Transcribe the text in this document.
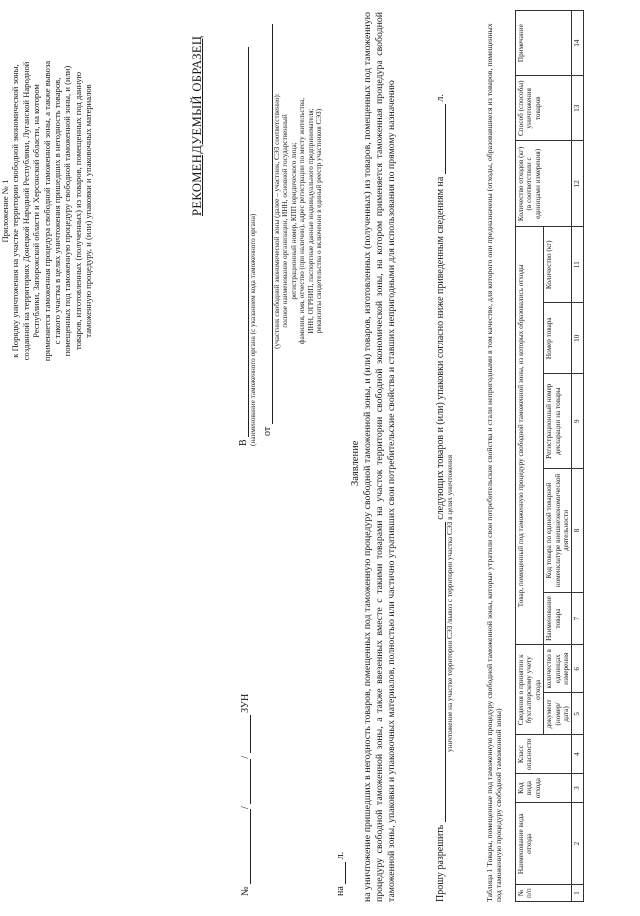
Приложение № 1 к Порядку уничтожения на участке территории свободной экономической зоны, созданной на территориях Донецкой Народной Республики, Луганской Народной Республики, Запорожской области и Херсонской области, на котором применяется таможенная процедура свободной таможенной зоны, а также вывоза с такого участка в целях уничтожения пришедших в негодность товаров, помещенных под таможенную процедуру свободной таможенной зоны, и (или) товаров, изготовленных (полученных) из товаров, помещенных под данную таможенную процедуру, и (или) упаковки и упаковочных материалов	РЕКОМЕНДУЕМЫЙ ОБРАЗЕЦ
В (наименование таможенного органа (с указанием кода таможенного органа) от
(участник свободной экономической зоны (далее – участник, СЭЗ соответственно): полное наименование организации, ИНН, основной государственный регистрационный номер, КПП юридического лица; фамилия, имя, отчество (при наличии), адрес регистрации по месту жительства, ИНН, ОГРНИП, паспортные данные индивидуального предпринимателя; реквизиты свидетельства о включении в единый реестр участников СЭЗ)
№ / /  ЗУН
на  л.
Заявление на уничтожение пришедших в негодность товаров, помещенных под таможенную процедуру свободной таможенной зоны, и (или) товаров, изготовленных (полученных) из товаров, помещенных под таможенную процедуру свободной таможенной зоны, а также ввезенных вместе с такими товарами на участок территории свободной экономической зоны, на котором применяется таможенная процедура свободной таможенной зоны, упаковки и упаковочных материалов, полностью или частично утративших свои потребительские свойства и ставших непригодными для использования по прямому назначению	Прошу разрешить  следующих товаров и (или) упаковки согласно ниже приведенным сведениям на  л.
уничтожение на участке территории СЭЗ /вывоз с территории участка СЭЗ в целях уничтожения	Таблица 1 Товары, помещенные под таможенную процедуру свободной таможенной зоны, которые утратили свои потребительские свойства и стали непригодными в том качестве, для которого они предназначены (отходы, образовавшиеся из товаров, помещенных под таможенную процедуру свободной таможенной зоны) № п/п	Наименование вида отхода	Код вида отхода	Класс опасности	Сведения о принятии к бухгалтерскому учету отхода		Товар, помещенный под таможенную процедуру свободной таможенной зоны, из которых образовались отходы					Количество отходов (кг) (в соответствии с единицами измерения)	Способ (способы) уничтожения товаров	Примечание
				документ (номер/ дата)	количество в единицах измерения	Наименование товара	Код товара по единой товарной номенклатуре внешнеэкономической деятельности	Регистрационный номер декларации на товары	Номер товара	Количество (кг)			
1	2	3	4	5	6	7	8	9	10	11	12	13	14
